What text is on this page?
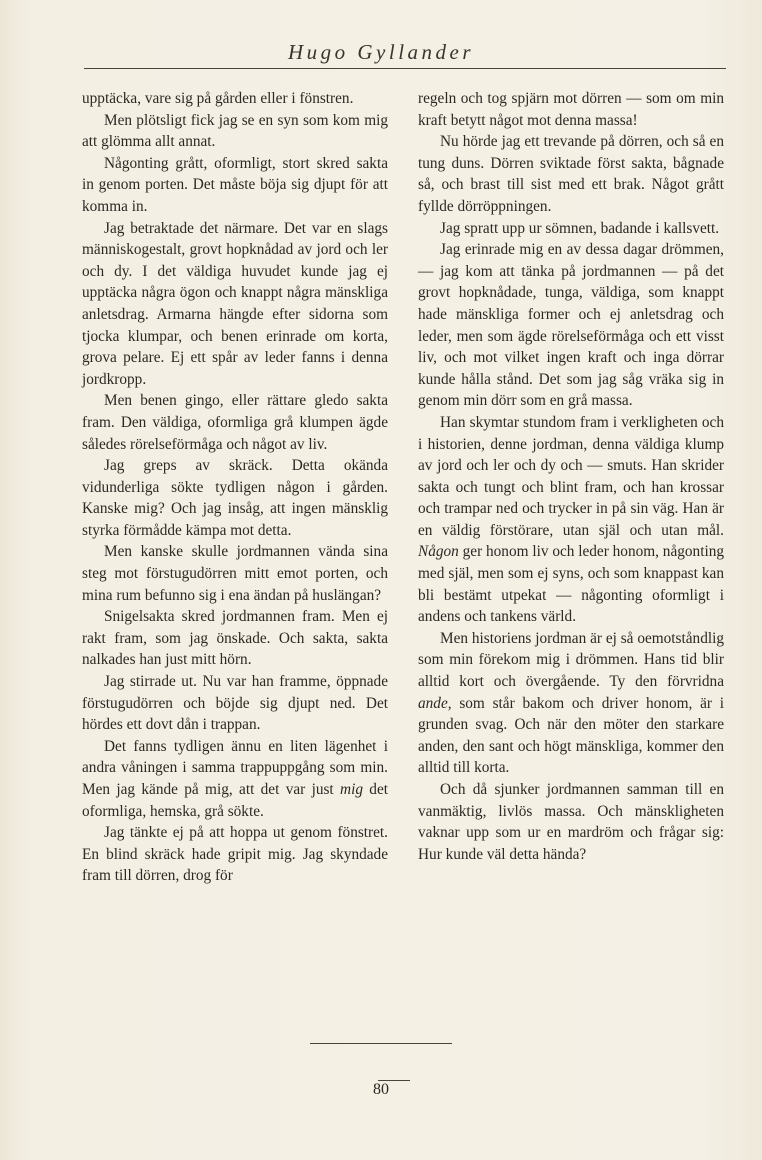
Hugo Gyllander

upptäcka, vare sig på gården eller i fönstren.

Men plötsligt fick jag se en syn som kom mig att glömma allt annat.

Någonting grått, oformligt, stort skred sakta in genom porten. Det måste böja sig djupt för att komma in.

Jag betraktade det närmare. Det var en slags människogestalt, grovt hopknådad av jord och ler och dy. I det väldiga huvudet kunde jag ej upptäcka några ögon och knappt några mänskliga anletsdrag. Armarna hängde efter sidorna som tjocka klumpar, och benen erinrade om korta, grova pelare. Ej ett spår av leder fanns i denna jordkropp.

Men benen gingo, eller rättare gledo sakta fram. Den väldiga, oformliga grå klumpen ägde således rörelseförmåga och något av liv.

Jag greps av skräck. Detta okända vidunderliga sökte tydligen någon i gården. Kanske mig? Och jag insåg, att ingen mänsklig styrka förmådde kämpa mot detta.

Men kanske skulle jordmannen vända sina steg mot förstugudörren mitt emot porten, och mina rum befunno sig i ena ändan på huslängan?

Snigelsakta skred jordmannen fram. Men ej rakt fram, som jag önskade. Och sakta, sakta nalkades han just mitt hörn.

Jag stirrade ut. Nu var han framme, öppnade förstugudörren och böjde sig djupt ned. Det hördes ett dovt dån i trappan.

Det fanns tydligen ännu en liten lägenhet i andra våningen i samma trappuppgång som min. Men jag kände på mig, att det var just mig det oformliga, hemska, grå sökte.

Jag tänkte ej på att hoppa ut genom fönstret. En blind skräck hade gripit mig. Jag skyndade fram till dörren, drog för

regeln och tog spjärn mot dörren — som om min kraft betytt något mot denna massa!

Nu hörde jag ett trevande på dörren, och så en tung duns. Dörren sviktade först sakta, bågnade så, och brast till sist med ett brak. Något grått fyllde dörröppningen.

Jag spratt upp ur sömnen, badande i kallsvett.

Jag erinrade mig en av dessa dagar drömmen, — jag kom att tänka på jordmannen — på det grovt hopknådade, tunga, väldiga, som knappt hade mänskliga former och ej anletsdrag och leder, men som ägde rörelseförmåga och ett visst liv, och mot vilket ingen kraft och inga dörrar kunde hålla stånd. Det som jag såg vräka sig in genom min dörr som en grå massa.

Han skymtar stundom fram i verkligheten och i historien, denne jordman, denna väldiga klump av jord och ler och dy och — smuts. Han skrider sakta och tungt och blint fram, och han krossar och trampar ned och trycker in på sin väg. Han är en väldig förstörare, utan själ och utan mål. Någon ger honom liv och leder honom, någonting med själ, men som ej syns, och som knappast kan bli bestämt utpekat — någonting oformligt i andens och tankens värld.

Men historiens jordman är ej så oemotståndlig som min förekom mig i drömmen. Hans tid blir alltid kort och övergående. Ty den förvridna ande, som står bakom och driver honom, är i grunden svag. Och när den möter den starkare anden, den sant och högt mänskliga, kommer den alltid till korta.

Och då sjunker jordmannen samman till en vanmäktig, livlös massa. Och mänskligheten vaknar upp som ur en mardröm och frågar sig: Hur kunde väl detta hända?

80
